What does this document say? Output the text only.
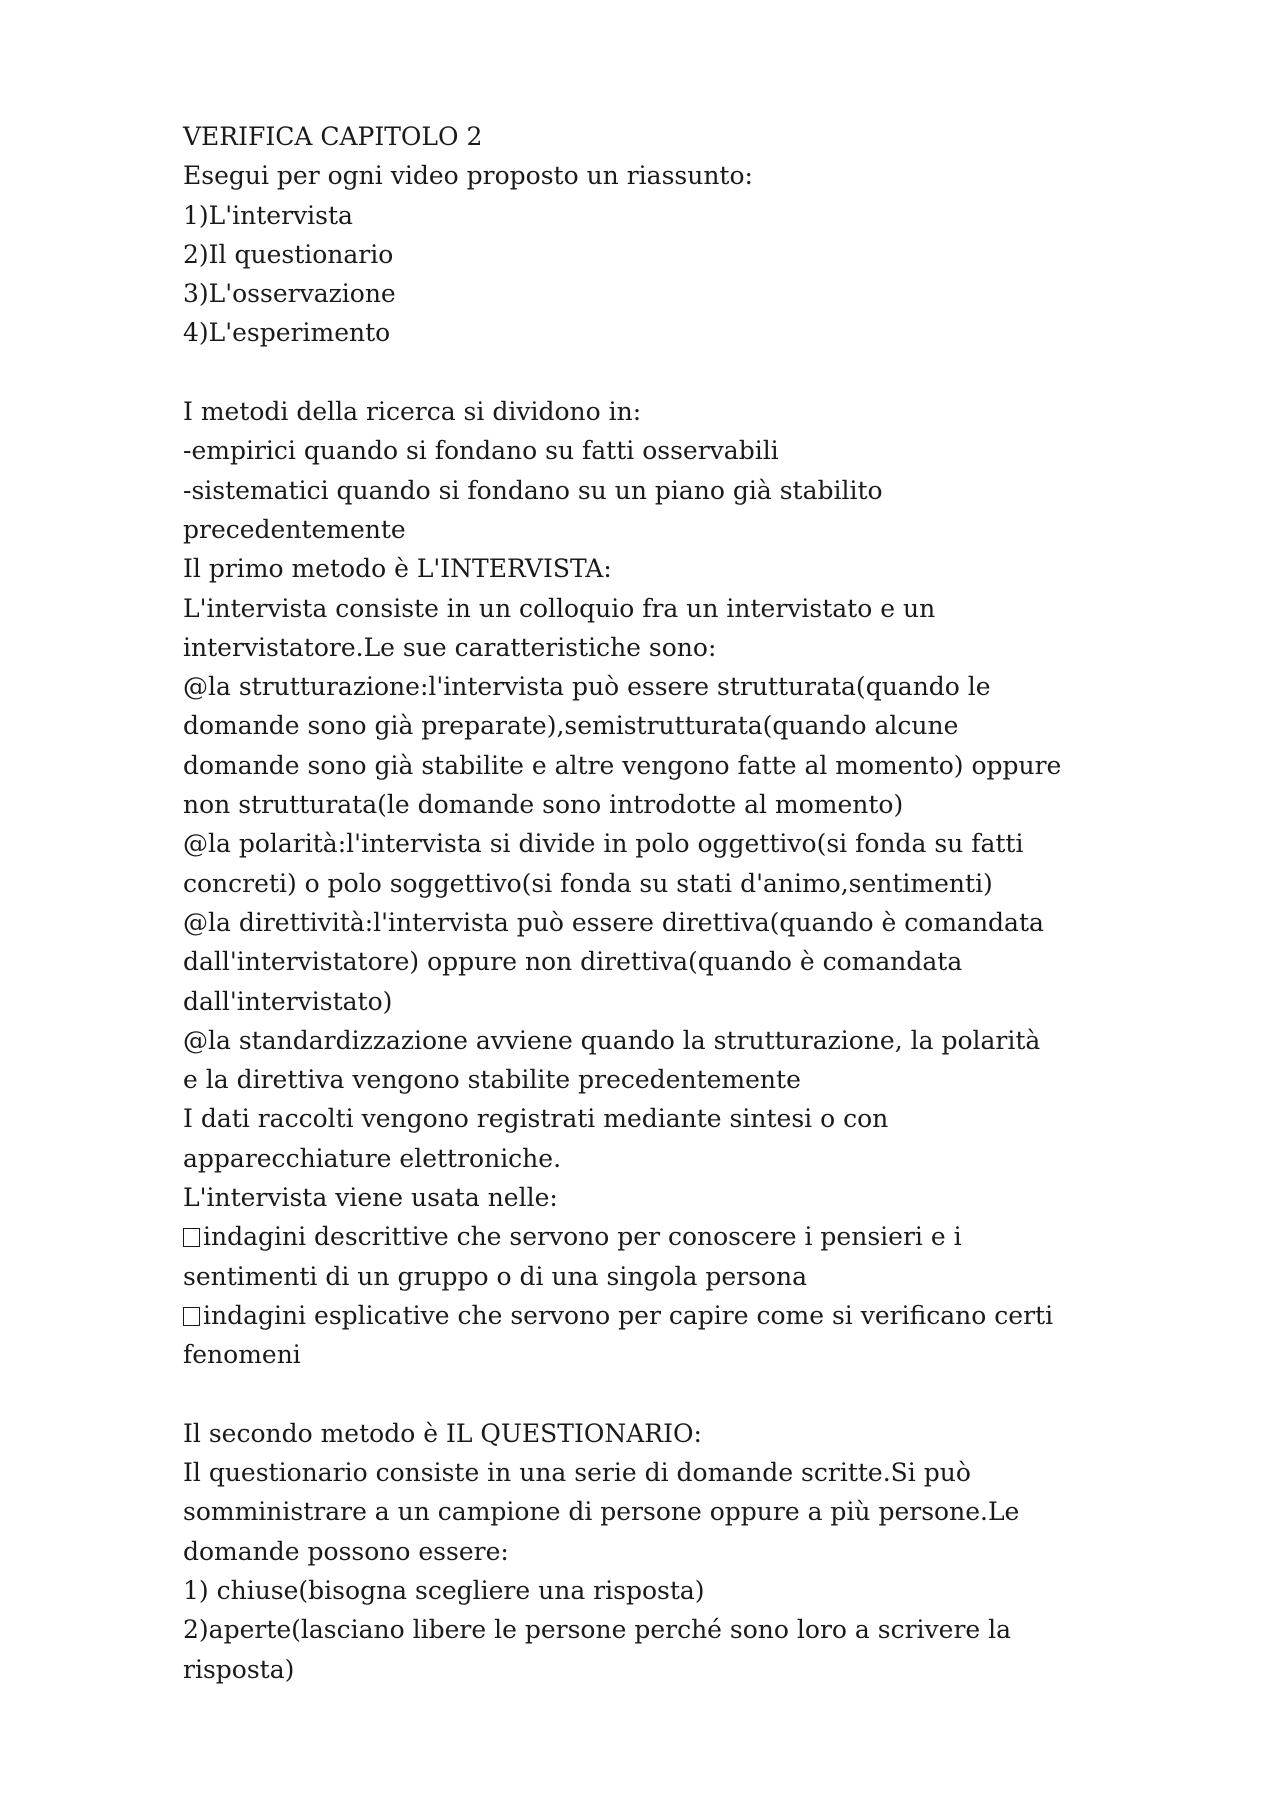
VERIFICA CAPITOLO 2

Esegui per ogni video proposto un riassunto:

1)L'intervista

2)Il questionario

3)L'osservazione

4)L'esperimento

I metodi della ricerca si dividono in:

-empirici quando si fondano su fatti osservabili

-sistematici quando si fondano su un piano già stabilito

precedentemente

Il primo metodo è L'INTERVISTA:

L'intervista consiste in un colloquio fra un intervistato e un

intervistatore.Le sue caratteristiche sono:

@la strutturazione:l'intervista può essere strutturata(quando le

domande sono già preparate),semistrutturata(quando alcune

domande sono già stabilite e altre vengono fatte al momento) oppure

non strutturata(le domande sono introdotte al momento)

@la polarità:l'intervista si divide in polo oggettivo(si fonda su fatti

concreti) o polo soggettivo(si fonda su stati d'animo,sentimenti)

@la direttività:l'intervista può essere direttiva(quando è comandata

dall'intervistatore) oppure non direttiva(quando è comandata

dall'intervistato)

@la standardizzazione avviene quando la strutturazione, la polarità

e la direttiva vengono stabilite precedentemente

I dati raccolti vengono registrati mediante sintesi o con

apparecchiature elettroniche.

L'intervista viene usata nelle:

indagini descrittive che servono per conoscere i pensieri e i

sentimenti di un gruppo o di una singola persona

indagini esplicative che servono per capire come si verificano certi

fenomeni

Il secondo metodo è IL QUESTIONARIO:

Il questionario consiste in una serie di domande scritte.Si può

somministrare a un campione di persone oppure a più persone.Le

domande possono essere:

1) chiuse(bisogna scegliere una risposta)

2)aperte(lasciano libere le persone perché sono loro a scrivere la

risposta)
